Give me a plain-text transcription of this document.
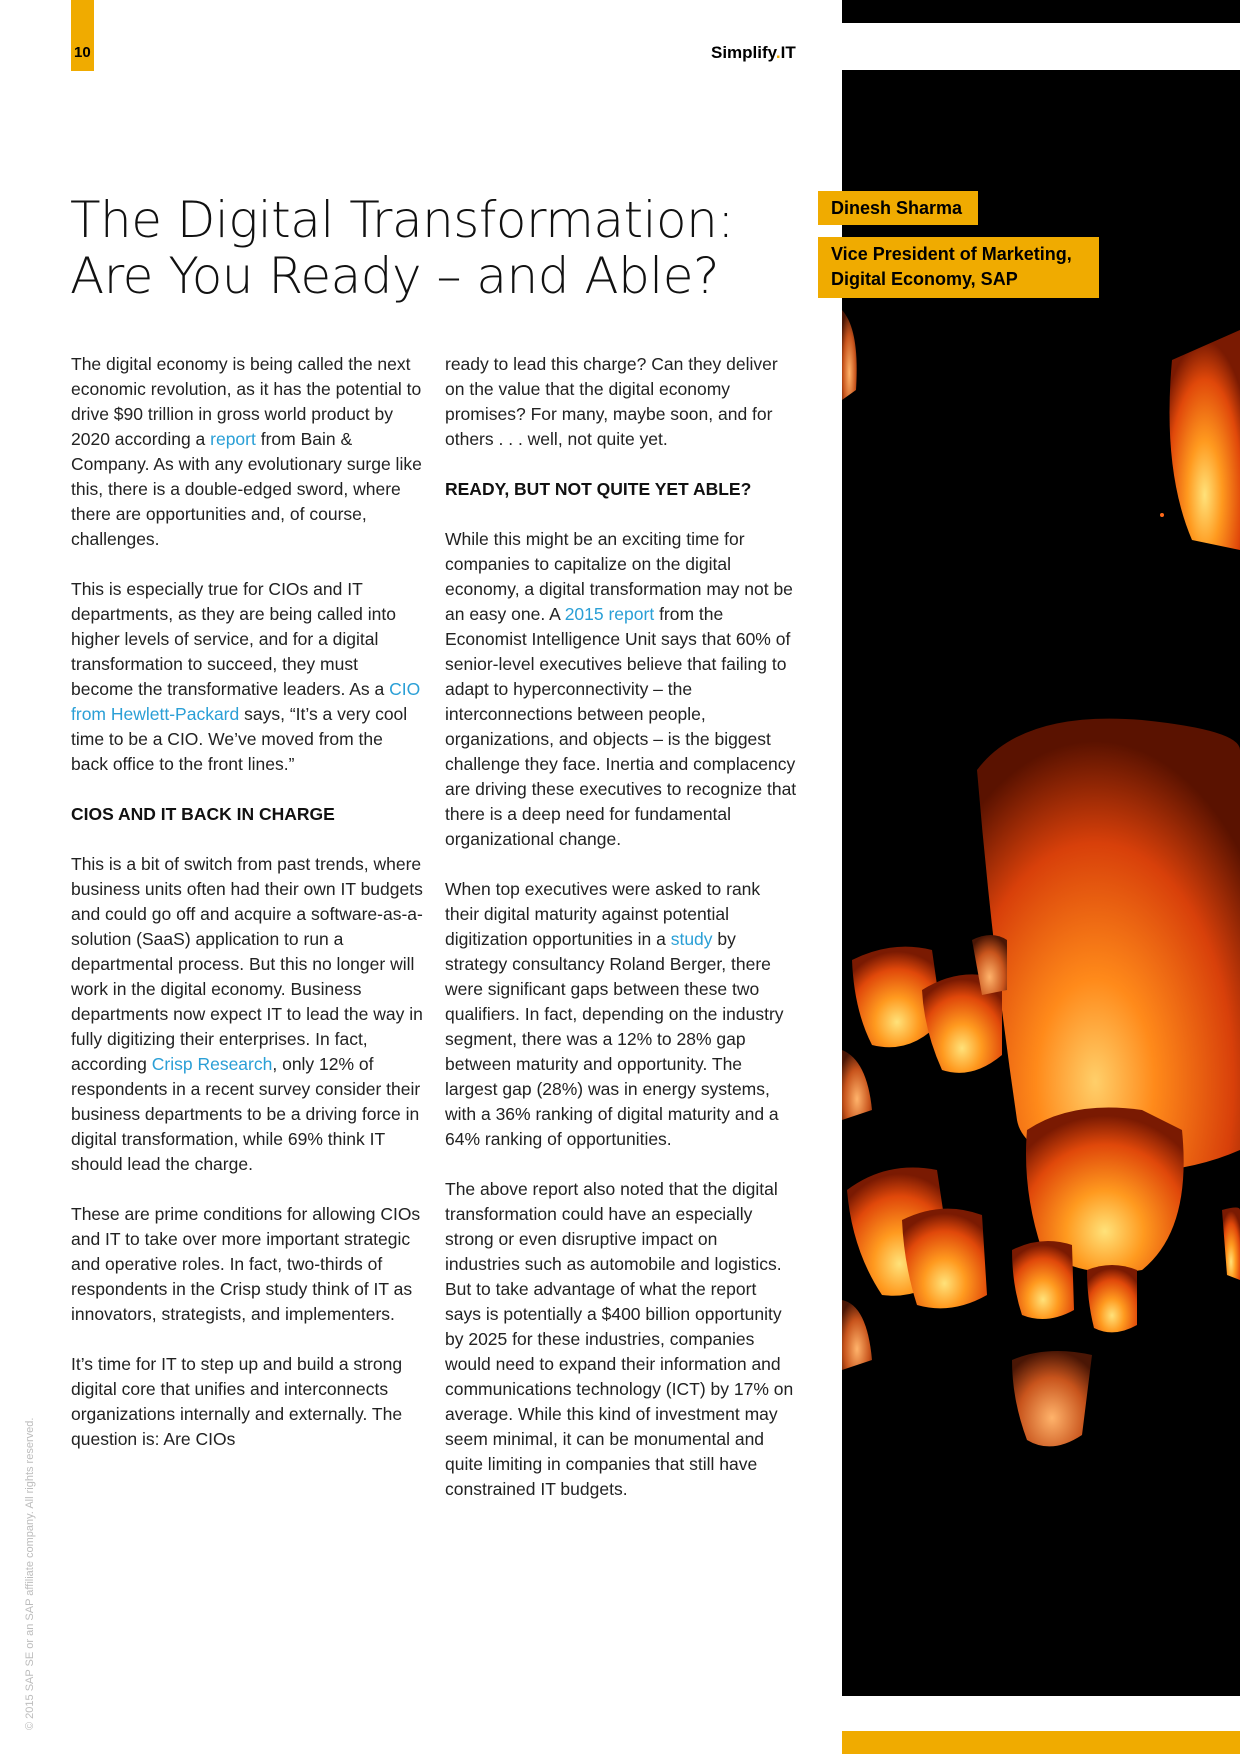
10	Simplify.IT
Dinesh Sharma
Vice President of Marketing,
Digital Economy, SAP
The Digital Transformation:
Are You Ready – and Able?

The digital economy is being called the next economic revolution, as it has the potential to drive $90 trillion in gross world product by 2020 according a report from Bain & Company. As with any evolutionary surge like this, there is a double-edged sword, where there are opportunities and, of course, challenges.

This is especially true for CIOs and IT departments, as they are being called into higher levels of service, and for a digital transformation to succeed, they must become the transformative leaders. As a CIO from Hewlett-Packard says, “It’s a very cool time to be a CIO. We’ve moved from the back office to the front lines.”

CIOS AND IT BACK IN CHARGE

This is a bit of switch from past trends, where business units often had their own IT budgets and could go off and acquire a software-as-a-solution (SaaS) application to run a departmental process. But this no longer will work in the digital economy. Business departments now expect IT to lead the way in fully digitizing their enterprises. In fact, according Crisp Research, only 12% of respondents in a recent survey consider their business departments to be a driving force in digital transformation, while 69% think IT should lead the charge.

These are prime conditions for allowing CIOs and IT to take over more important strategic and operative roles. In fact, two-thirds of respondents in the Crisp study think of IT as innovators, strategists, and implementers.

It’s time for IT to step up and build a strong digital core that unifies and interconnects organizations internally and externally. The question is: Are CIOs

ready to lead this charge? Can they deliver on the value that the digital economy promises? For many, maybe soon, and for others . . . well, not quite yet.

READY, BUT NOT QUITE YET ABLE?

While this might be an exciting time for companies to capitalize on the digital economy, a digital transformation may not be an easy one. A 2015 report from the Economist Intelligence Unit says that 60% of senior-level executives believe that failing to adapt to hyperconnectivity – the interconnections between people, organizations, and objects – is the biggest challenge they face. Inertia and complacency are driving these executives to recognize that there is a deep need for fundamental organizational change.

When top executives were asked to rank their digital maturity against potential digitization opportunities in a study by strategy consultancy Roland Berger, there were significant gaps between these two qualifiers. In fact, depending on the industry segment, there was a 12% to 28% gap between maturity and opportunity. The largest gap (28%) was in energy systems, with a 36% ranking of digital maturity and a 64% ranking of opportunities.

The above report also noted that the digital transformation could have an especially strong or even disruptive impact on industries such as automobile and logistics. But to take advantage of what the report says is potentially a $400 billion opportunity by 2025 for these industries, companies would need to expand their information and communications technology (ICT) by 17% on average. While this kind of investment may seem minimal, it can be monumental and quite limiting in companies that still have constrained IT budgets.

© 2015 SAP SE or an SAP affiliate company. All rights reserved.
